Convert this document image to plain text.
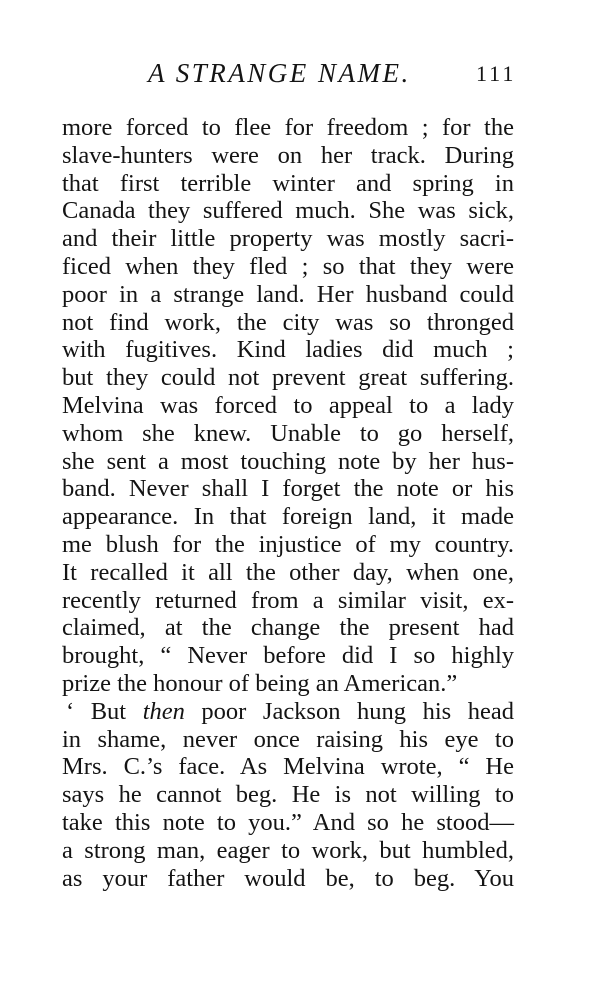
A STRANGE NAME.	111
more forced to flee for freedom ; for the
slave-hunters were on her track. During
that first terrible winter and spring in
Canada they suffered much. She was sick,
and their little property was mostly sacri-
ficed when they fled ; so that they were
poor in a strange land. Her husband could
not find work, the city was so thronged
with fugitives. Kind ladies did much ;
but they could not prevent great suffering.
Melvina was forced to appeal to a lady
whom she knew. Unable to go herself,
she sent a most touching note by her hus-
band. Never shall I forget the note or his
appearance. In that foreign land, it made
me blush for the injustice of my country.
It recalled it all the other day, when one,
recently returned from a similar visit, ex-
claimed, at the change the present had
brought, “ Never before did I so highly
prize the honour of being an American.”
‘ But then poor Jackson hung his head
in shame, never once raising his eye to
Mrs. C.’s face. As Melvina wrote, “ He
says he cannot beg. He is not willing to
take this note to you.” And so he stood—
a strong man, eager to work, but humbled,
as your father would be, to beg. You
